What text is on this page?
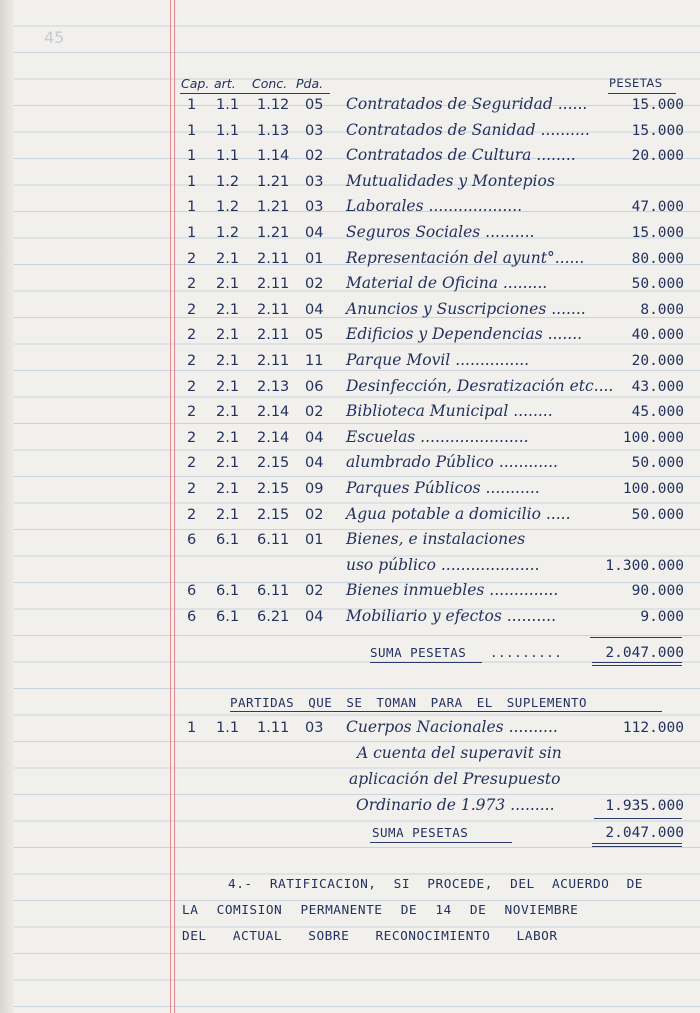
45
Cap. art. Conc. Pda.	PESETAS
1 1.1 1.12 05 Contratados de Seguridad ......	15.000
1 1.1 1.13 03 Contratados de Sanidad ..........	15.000
1 1.1 1.14 02 Contratados de Cultura ........	20.000
1 1.2 1.21 03 Mutualidades y Montepios
1 1.2 1.21 03 Laborales ...................	47.000
1 1.2 1.21 04 Seguros Sociales ..........	15.000
2 2.1 2.11 01 Representación del ayunt°......	80.000
2 2.1 2.11 02 Material de Oficina .........	50.000
2 2.1 2.11 04 Anuncios y Suscripciones .......	8.000
2 2.1 2.11 05 Edificios y Dependencias .......	40.000
2 2.1 2.11 11 Parque Movil ...............	20.000
2 2.1 2.13 06 Desinfección, Desratización etc.... 43.000
2 2.1 2.14 02 Biblioteca Municipal ........	45.000
2 2.1 2.14 04 Escuelas ......................	100.000
2 2.1 2.15 04 alumbrado Público ............	50.000
2 2.1 2.15 09 Parques Públicos ...........	100.000
2 2.1 2.15 02 Agua potable a domicilio .....	50.000
6 6.1 6.11 01 Bienes, e instalaciones
uso público ....................	1.300.000
6 6.1 6.11 02 Bienes inmuebles ..............	90.000
6 6.1 6.21 04 Mobiliario y efectos ..........	9.000
SUMA PESETAS .........	2.047.000
PARTIDAS QUE SE TOMAN PARA EL SUPLEMENTO
1 1.1 1.11 03 Cuerpos Nacionales ..........	112.000
A cuenta del superavit sin
aplicación del Presupuesto
Ordinario de 1.973 .........	1.935.000
SUMA PESETAS	2.047.000
4.- RATIFICACION, SI PROCEDE, DEL ACUERDO DE
LA COMISION PERMANENTE DE 14 DE NOVIEMBRE
DEL ACTUAL SOBRE RECONOCIMIENTO LABOR
